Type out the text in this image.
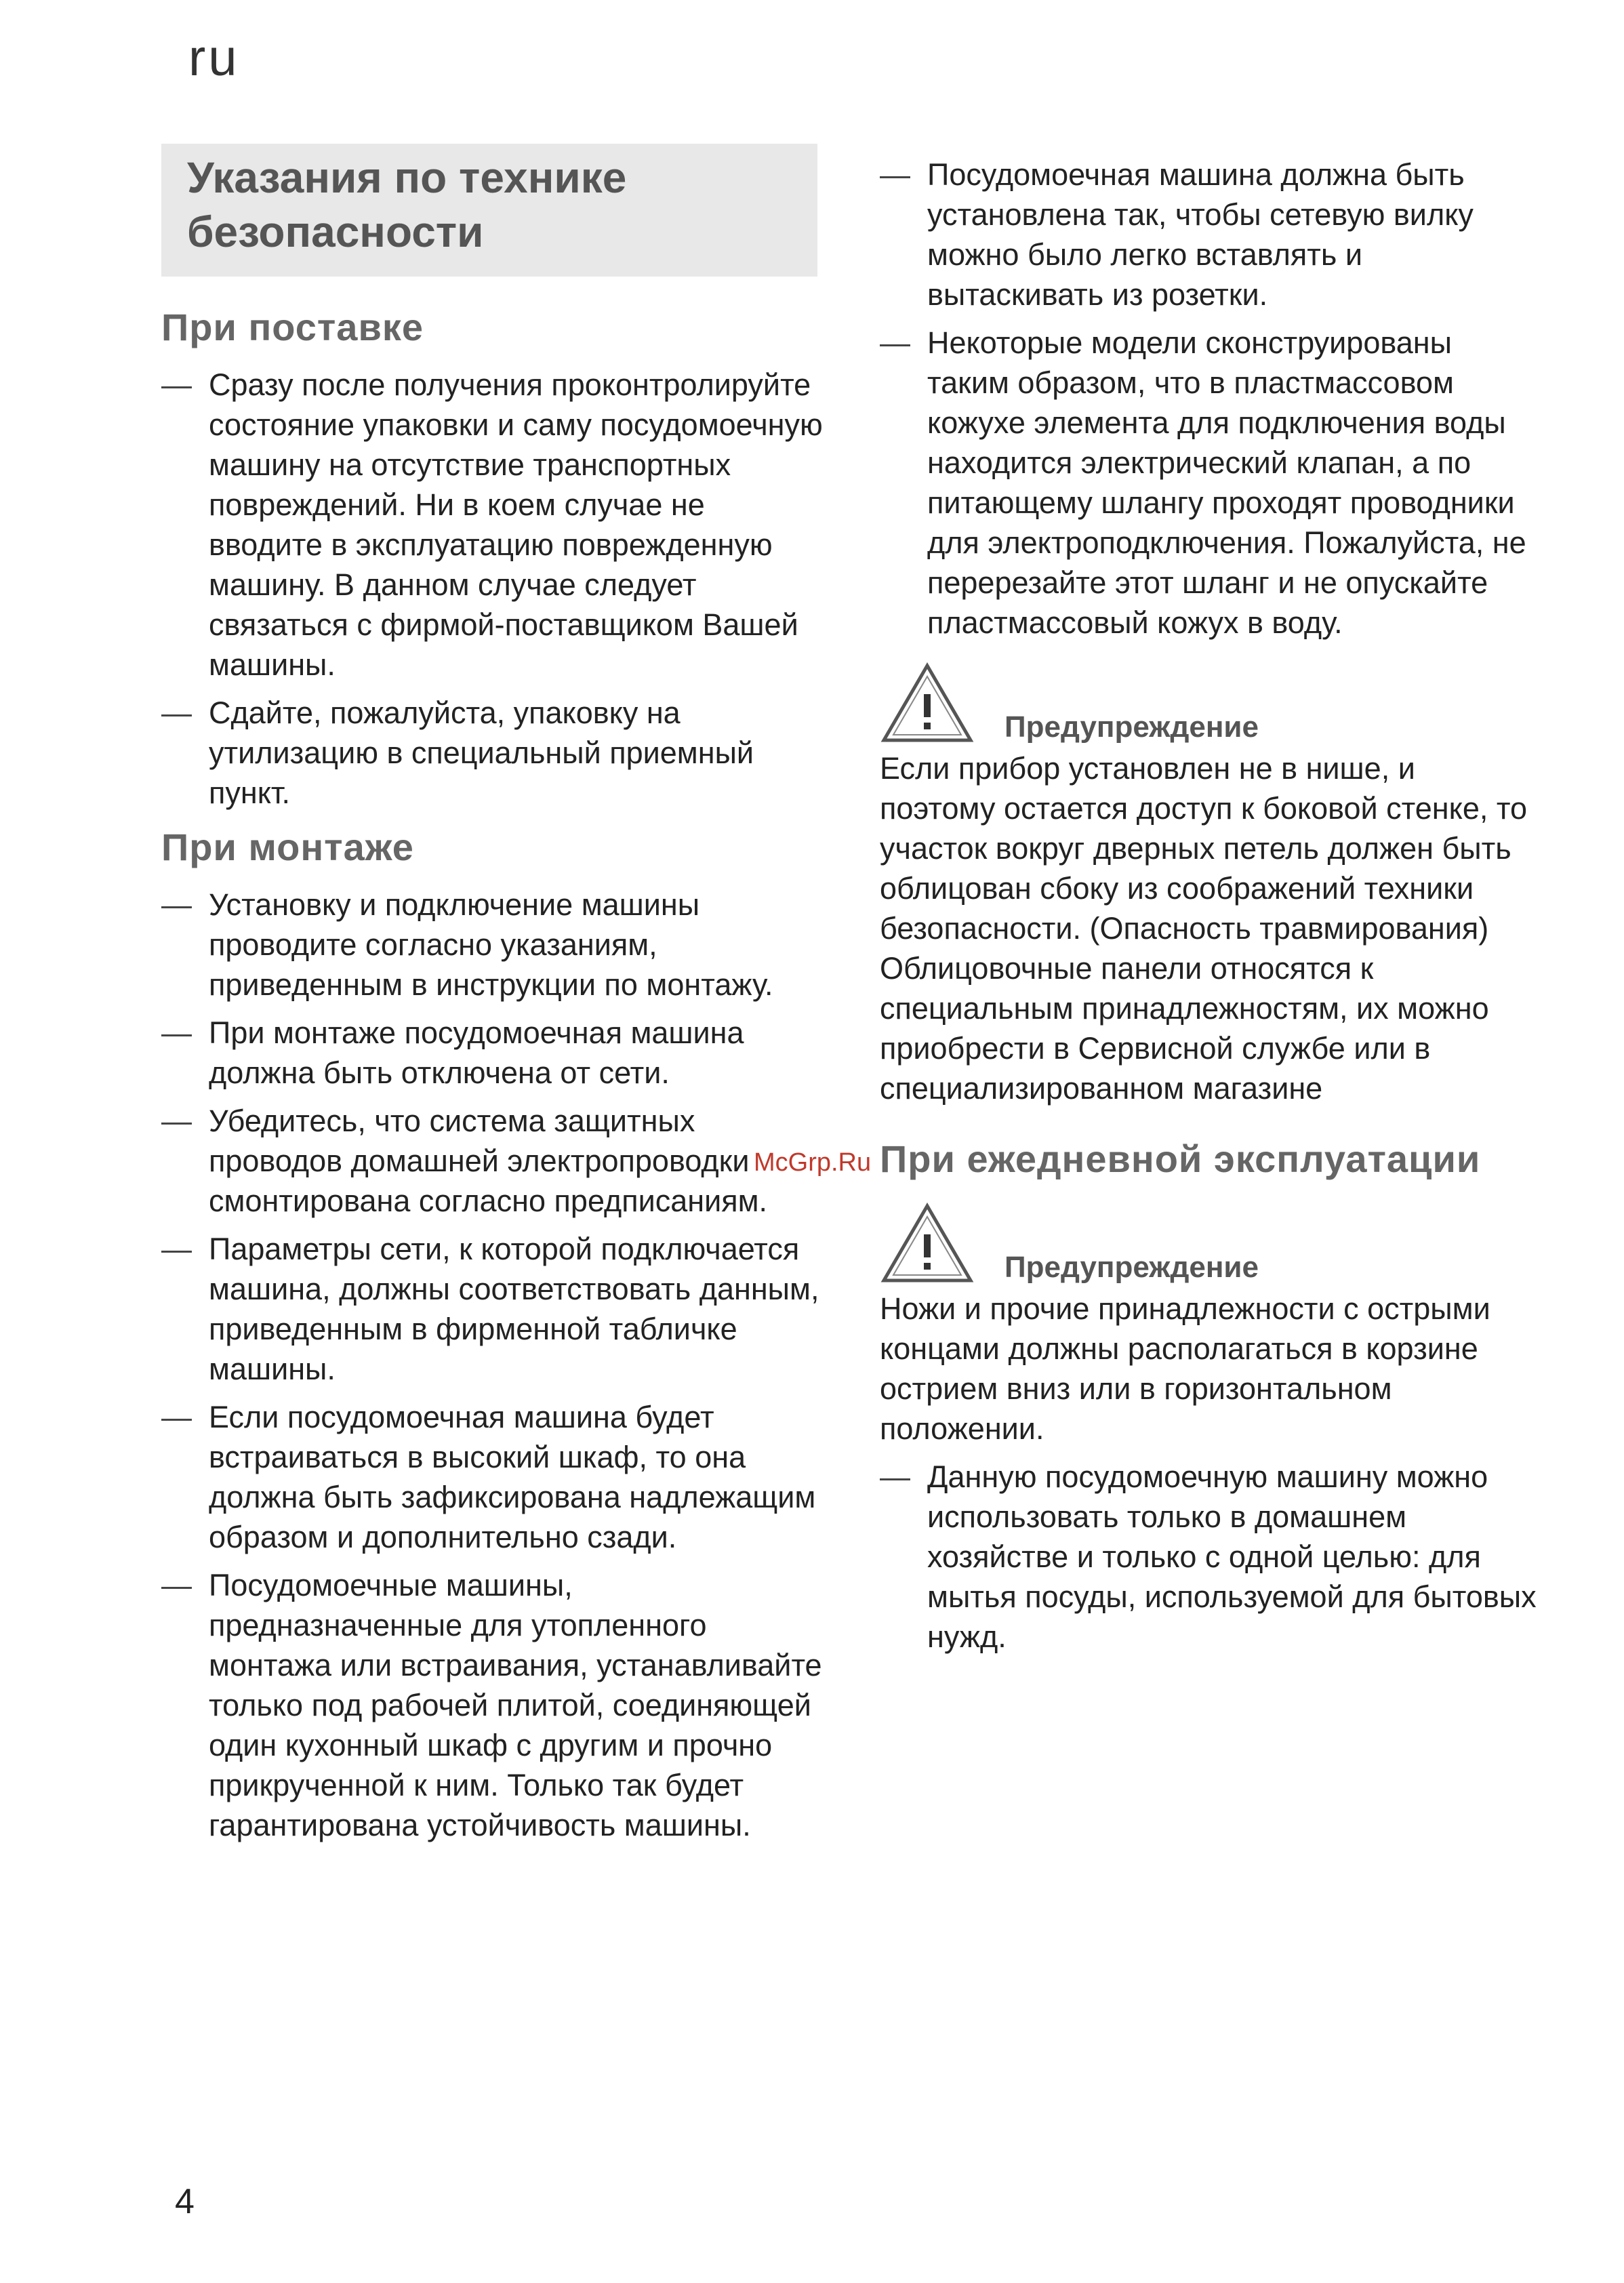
ru
Указания по технике
безопасности
При поставке
— Сразу после получения проконтролируйте состояние упаковки и саму посудомоечную машину на отсутствие транспортных повреждений. Ни в коем случае не вводите в эксплуатацию поврежденную машину. В данном случае следует связаться с фирмой-поставщиком Вашей машины.
— Сдайте, пожалуйста, упаковку на утилизацию в специальный приемный пункт.
При монтаже
— Установку и подключение машины проводите согласно указаниям, приведенным в инструкции по монтажу.
— При монтаже посудомоечная машина должна быть отключена от сети.
— Убедитесь, что система защитных проводов домашней электропроводки смонтирована согласно предписаниям.
— Параметры сети, к которой подключается машина, должны соответствовать данным, приведенным в фирменной табличке машины.
— Если посудомоечная машина будет встраиваться в высокий шкаф, то она должна быть зафиксирована надлежащим образом и дополнительно сзади.
— Посудомоечные машины, предназначенные для утопленного монтажа или встраивания, устанавливайте только под рабочей плитой, соединяющей один кухонный шкаф с другим и прочно прикрученной к ним. Только так будет гарантирована устойчивость машины.
— Посудомоечная машина должна быть установлена так, чтобы сетевую вилку можно было легко вставлять и вытаскивать из розетки.
— Некоторые модели сконструированы таким образом, что в пластмассовом кожухе элемента для подключения воды находится электрический клапан, а по питающему шлангу проходят проводники для электроподключения. Пожалуйста, не перерезайте этот шланг и не опускайте пластмассовый кожух в воду.
Предупреждение

Если прибор установлен не в нише, и поэтому остается доступ к боковой стенке, то участок вокруг дверных петель должен быть облицован сбоку из соображений техники безопасности. (Опасность травмирования)

Облицовочные панели относятся к специальным принадлежностям, их можно приобрести в Сервисной службе или в специализированном магазине

При ежедневной эксплуатации
Предупреждение

Ножи и прочие принадлежности с острыми концами должны располагаться в корзине острием вниз или в горизонтальном положении.

— Данную посудомоечную машину можно использовать только в домашнем хозяйстве и только с одной целью: для мытья посуды, используемой для бытовых нужд.
McGrp.Ru
4
